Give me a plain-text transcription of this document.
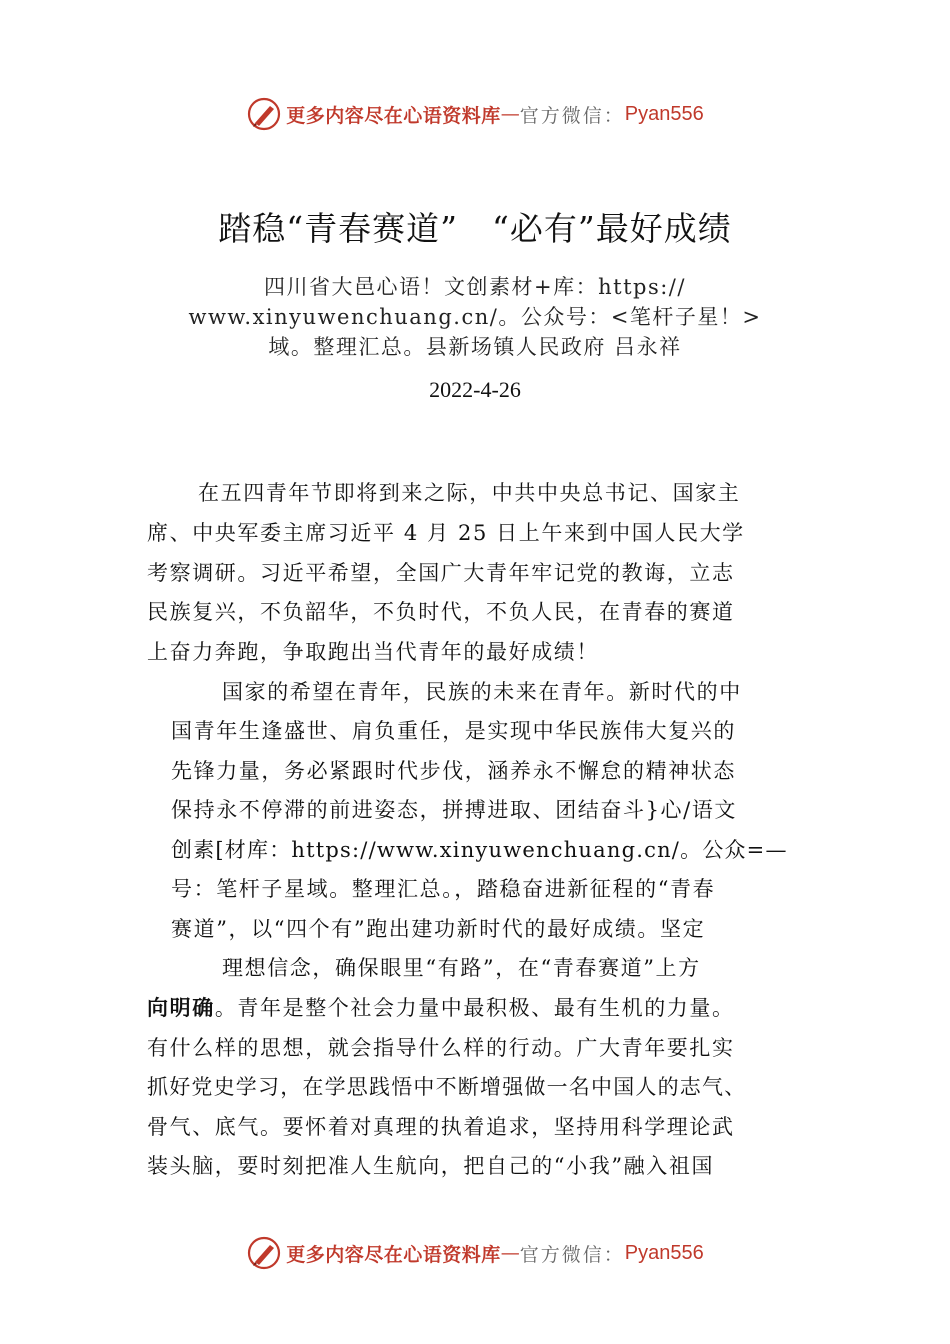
更多内容尽在心语资料库 — 官方微信： Pyan556
踏稳“青春赛道”　“必有”最好成绩
四川省大邑心语！文创素材+库：https://
www.xinyuwenchuang.cn/。公众号：<笔杆子星！>
域。整理汇总。县新场镇人民政府 吕永祥
2022-4-26
在五四青年节即将到来之际，中共中央总书记、国家主
席、中央军委主席习近平 4 月 25 日上午来到中国人民大学
考察调研。习近平希望，全国广大青年牢记党的教诲，立志
民族复兴，不负韶华，不负时代，不负人民，在青春的赛道
上奋力奔跑，争取跑出当代青年的最好成绩！
国家的希望在青年，民族的未来在青年。新时代的中
国青年生逢盛世、肩负重任，是实现中华民族伟大复兴的
先锋力量，务必紧跟时代步伐，涵养永不懈怠的精神状态
保持永不停滞的前进姿态，拼搏进取、团结奋斗}心/语文
创素[材库：https://www.xinyuwenchuang.cn/。公众=—
号：笔杆子星域。整理汇总。，踏稳奋进新征程的“青春
赛道”，以“四个有”跑出建功新时代的最好成绩。坚定
理想信念，确保眼里“有路”，在“青春赛道”上方
向明确。青年是整个社会力量中最积极、最有生机的力量。
有什么样的思想，就会指导什么样的行动。广大青年要扎实
抓好党史学习，在学思践悟中不断增强做一名中国人的志气、
骨气、底气。要怀着对真理的执着追求，坚持用科学理论武
装头脑，要时刻把准人生航向，把自己的“小我”融入祖国
更多内容尽在心语资料库 — 官方微信： Pyan556
